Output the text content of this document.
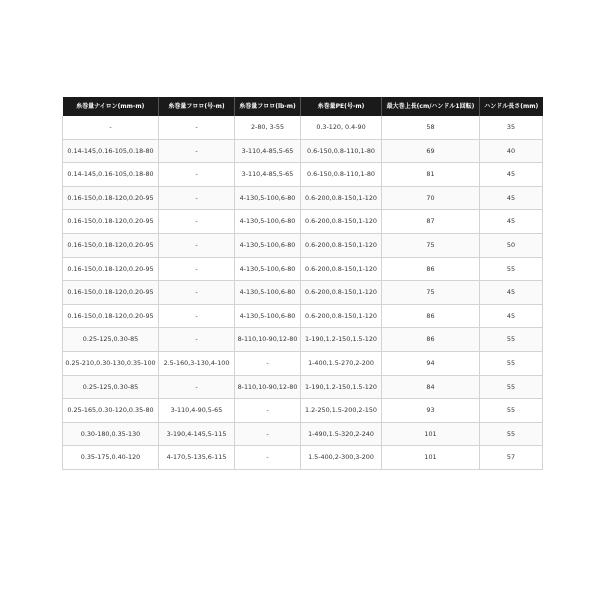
糸巻量ナイロン(mm-m)	糸巻量フロロ(号-m)	糸巻量フロロ(lb-m)	糸巻量PE(号-m)	最大巻上長(cm/ハンドル1回転)	ハンドル長さ(mm)
-	-	2-80, 3-55	0.3-120, 0.4-90	58	35
0.14-145,0.16-105,0.18-80	-	3-110,4-85,5-65	0.6-150,0.8-110,1-80	69	40
0.14-145,0.16-105,0.18-80	-	3-110,4-85,5-65	0.6-150,0.8-110,1-80	81	45
0.16-150,0.18-120,0.20-95	-	4-130,5-100,6-80	0.6-200,0.8-150,1-120	70	45
0.16-150,0.18-120,0.20-95	-	4-130,5-100,6-80	0.6-200,0.8-150,1-120	87	45
0.16-150,0.18-120,0.20-95	-	4-130,5-100,6-80	0.6-200,0.8-150,1-120	75	50
0.16-150,0.18-120,0.20-95	-	4-130,5-100,6-80	0.6-200,0.8-150,1-120	86	55
0.16-150,0.18-120,0.20-95	-	4-130,5-100,6-80	0.6-200,0.8-150,1-120	75	45
0.16-150,0.18-120,0.20-95	-	4-130,5-100,6-80	0.6-200,0.8-150,1-120	86	45
0.25-125,0.30-85	-	8-110,10-90,12-80	1-190,1.2-150,1.5-120	86	55
0.25-210,0.30-130,0.35-100	2.5-160,3-130,4-100	-	1-400,1.5-270,2-200	94	55
0.25-125,0.30-85	-	8-110,10-90,12-80	1-190,1.2-150,1.5-120	84	55
0.25-165,0.30-120,0.35-80	3-110,4-90,5-65	-	1.2-250,1.5-200,2-150	93	55
0.30-180,0.35-130	3-190,4-145,5-115	-	1-490,1.5-320,2-240	101	55
0.35-175,0.40-120	4-170,5-135,6-115	-	1.5-400,2-300,3-200	101	57
